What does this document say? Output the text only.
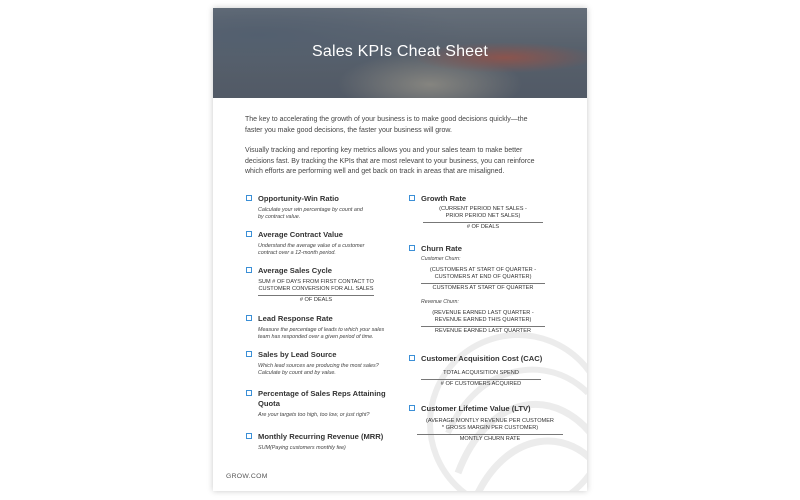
Sales KPIs Cheat Sheet

The key to accelerating the growth of your business is to make good decisions quickly—the
faster you make good decisions, the faster your business will grow.

Visually tracking and reporting key metrics allows you and your sales team to make better
decisions fast. By tracking the KPIs that are most relevant to your business, you can reinforce
which efforts are performing well and get back on track in areas that are misaligned.

Opportunity-Win Ratio
Calculate your win percentage by count and
by contract value.
Average Contract Value
Understand the average value of a customer
contract over a 12-month period.
Average Sales Cycle
SUM # OF DAYS FROM FIRST CONTACT TO
CUSTOMER CONVERSION FOR ALL SALES
# OF DEALS
Lead Response Rate
Measure the percentage of leads to which your sales
team has responded over a given period of time.
Sales by Lead Source
Which lead sources are producing the most sales?
Calculate by count and by value.
Percentage of Sales Reps Attaining
Quota
Are your targets too high, too low, or just right?
Monthly Recurring Revenue (MRR)
SUM(Paying customers monthly fee)
Growth Rate
(CURRENT PERIOD NET SALES -
PRIOR PERIOD NET SALES)
# OF DEALS
Churn Rate
Customer Churn:
(CUSTOMERS AT START OF QUARTER -
CUSTOMERS AT END OF QUARTER)
CUSTOMERS AT START OF QUARTER
Revenue Churn:
(REVENUE EARNED LAST QUARTER -
REVENUE EARNED THIS QUARTER)
REVENUE EARNED LAST QUARTER
Customer Acquisition Cost (CAC)
TOTAL ACQUISITION SPEND
# OF CUSTOMERS ACQUIRED
Customer Lifetime Value (LTV)
(AVERAGE MONTLY REVENUE PER CUSTOMER
* GROSS MARGIN PER CUSTOMER)
MONTLY CHURN RATE
GROW.COM
